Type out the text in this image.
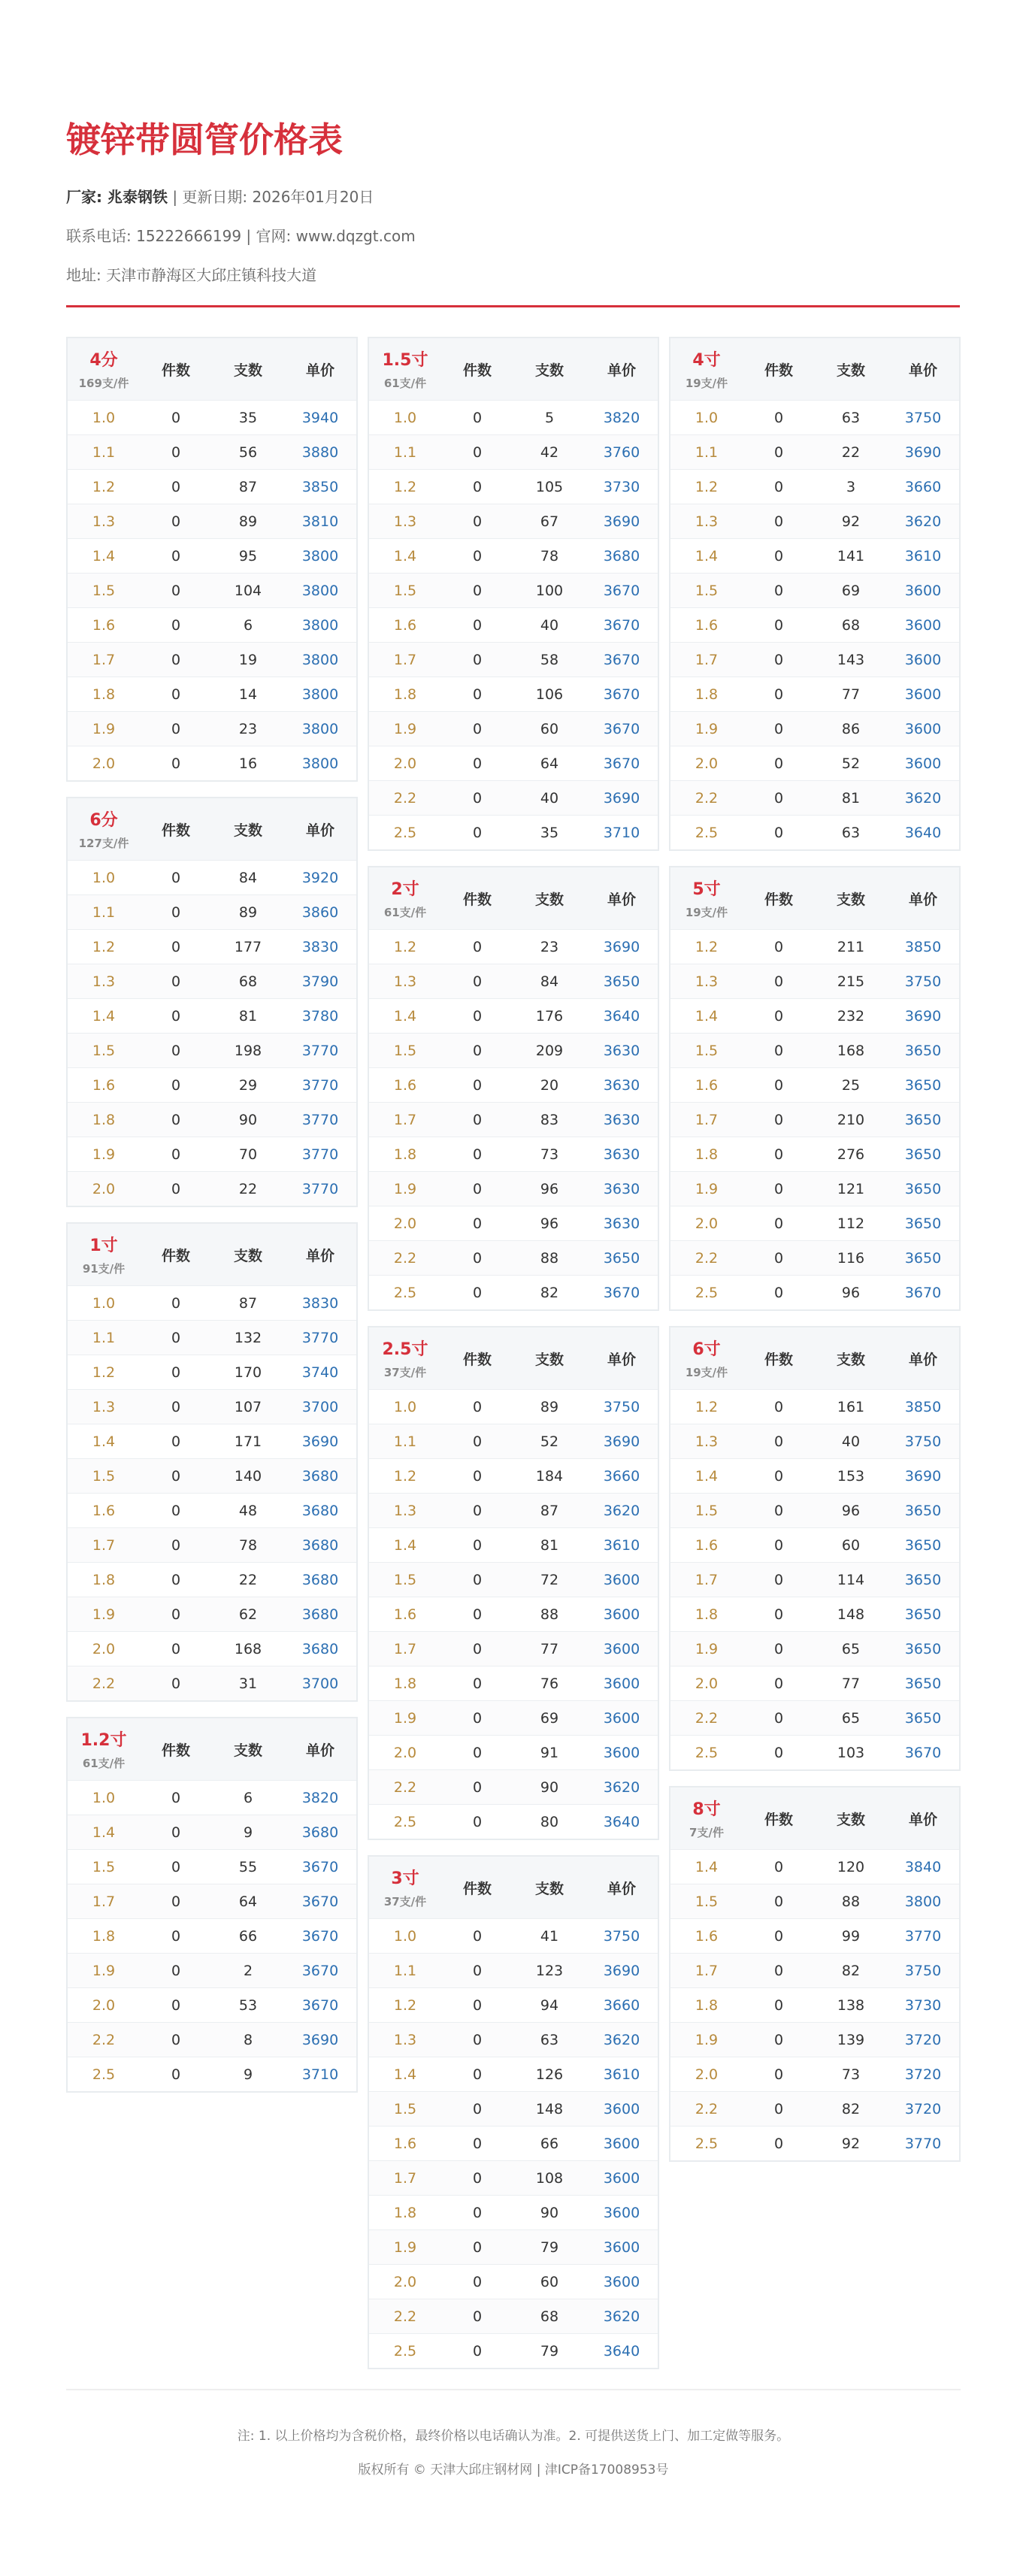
镀锌带圆管价格表
厂家: 兆泰钢铁 | 更新日期: 2026年01月20日
联系电话: 15222666199 | 官网: www.dqzgt.com
地址: 天津市静海区大邱庄镇科技大道
4分
169支/件
件数	支数	单价
1.0	0	35	3940
1.1	0	56	3880
1.2	0	87	3850
1.3	0	89	3810
1.4	0	95	3800
1.5	0	104	3800
1.6	0	6	3800
1.7	0	19	3800
1.8	0	14	3800
1.9	0	23	3800
2.0	0	16	3800
6分
127支/件
件数	支数	单价
1.0	0	84	3920
1.1	0	89	3860
1.2	0	177	3830
1.3	0	68	3790
1.4	0	81	3780
1.5	0	198	3770
1.6	0	29	3770
1.8	0	90	3770
1.9	0	70	3770
2.0	0	22	3770
1寸
91支/件
件数	支数	单价
1.0	0	87	3830
1.1	0	132	3770
1.2	0	170	3740
1.3	0	107	3700
1.4	0	171	3690
1.5	0	140	3680
1.6	0	48	3680
1.7	0	78	3680
1.8	0	22	3680
1.9	0	62	3680
2.0	0	168	3680
2.2	0	31	3700
1.2寸
61支/件
件数	支数	单价
1.0	0	6	3820
1.4	0	9	3680
1.5	0	55	3670
1.7	0	64	3670
1.8	0	66	3670
1.9	0	2	3670
2.0	0	53	3670
2.2	0	8	3690
2.5	0	9	3710
1.5寸
61支/件
件数	支数	单价
1.0	0	5	3820
1.1	0	42	3760
1.2	0	105	3730
1.3	0	67	3690
1.4	0	78	3680
1.5	0	100	3670
1.6	0	40	3670
1.7	0	58	3670
1.8	0	106	3670
1.9	0	60	3670
2.0	0	64	3670
2.2	0	40	3690
2.5	0	35	3710
2寸
61支/件
件数	支数	单价
1.2	0	23	3690
1.3	0	84	3650
1.4	0	176	3640
1.5	0	209	3630
1.6	0	20	3630
1.7	0	83	3630
1.8	0	73	3630
1.9	0	96	3630
2.0	0	96	3630
2.2	0	88	3650
2.5	0	82	3670
2.5寸
37支/件
件数	支数	单价
1.0	0	89	3750
1.1	0	52	3690
1.2	0	184	3660
1.3	0	87	3620
1.4	0	81	3610
1.5	0	72	3600
1.6	0	88	3600
1.7	0	77	3600
1.8	0	76	3600
1.9	0	69	3600
2.0	0	91	3600
2.2	0	90	3620
2.5	0	80	3640
3寸
37支/件
件数	支数	单价
1.0	0	41	3750
1.1	0	123	3690
1.2	0	94	3660
1.3	0	63	3620
1.4	0	126	3610
1.5	0	148	3600
1.6	0	66	3600
1.7	0	108	3600
1.8	0	90	3600
1.9	0	79	3600
2.0	0	60	3600
2.2	0	68	3620
2.5	0	79	3640
4寸
19支/件
件数	支数	单价
1.0	0	63	3750
1.1	0	22	3690
1.2	0	3	3660
1.3	0	92	3620
1.4	0	141	3610
1.5	0	69	3600
1.6	0	68	3600
1.7	0	143	3600
1.8	0	77	3600
1.9	0	86	3600
2.0	0	52	3600
2.2	0	81	3620
2.5	0	63	3640
5寸
19支/件
件数	支数	单价
1.2	0	211	3850
1.3	0	215	3750
1.4	0	232	3690
1.5	0	168	3650
1.6	0	25	3650
1.7	0	210	3650
1.8	0	276	3650
1.9	0	121	3650
2.0	0	112	3650
2.2	0	116	3650
2.5	0	96	3670
6寸
19支/件
件数	支数	单价
1.2	0	161	3850
1.3	0	40	3750
1.4	0	153	3690
1.5	0	96	3650
1.6	0	60	3650
1.7	0	114	3650
1.8	0	148	3650
1.9	0	65	3650
2.0	0	77	3650
2.2	0	65	3650
2.5	0	103	3670
8寸
7支/件
件数	支数	单价
1.4	0	120	3840
1.5	0	88	3800
1.6	0	99	3770
1.7	0	82	3750
1.8	0	138	3730
1.9	0	139	3720
2.0	0	73	3720
2.2	0	82	3720
2.5	0	92	3770
注: 1. 以上价格均为含税价格，最终价格以电话确认为准。2. 可提供送货上门、加工定做等服务。
版权所有 © 天津大邱庄钢材网 | 津ICP备17008953号
